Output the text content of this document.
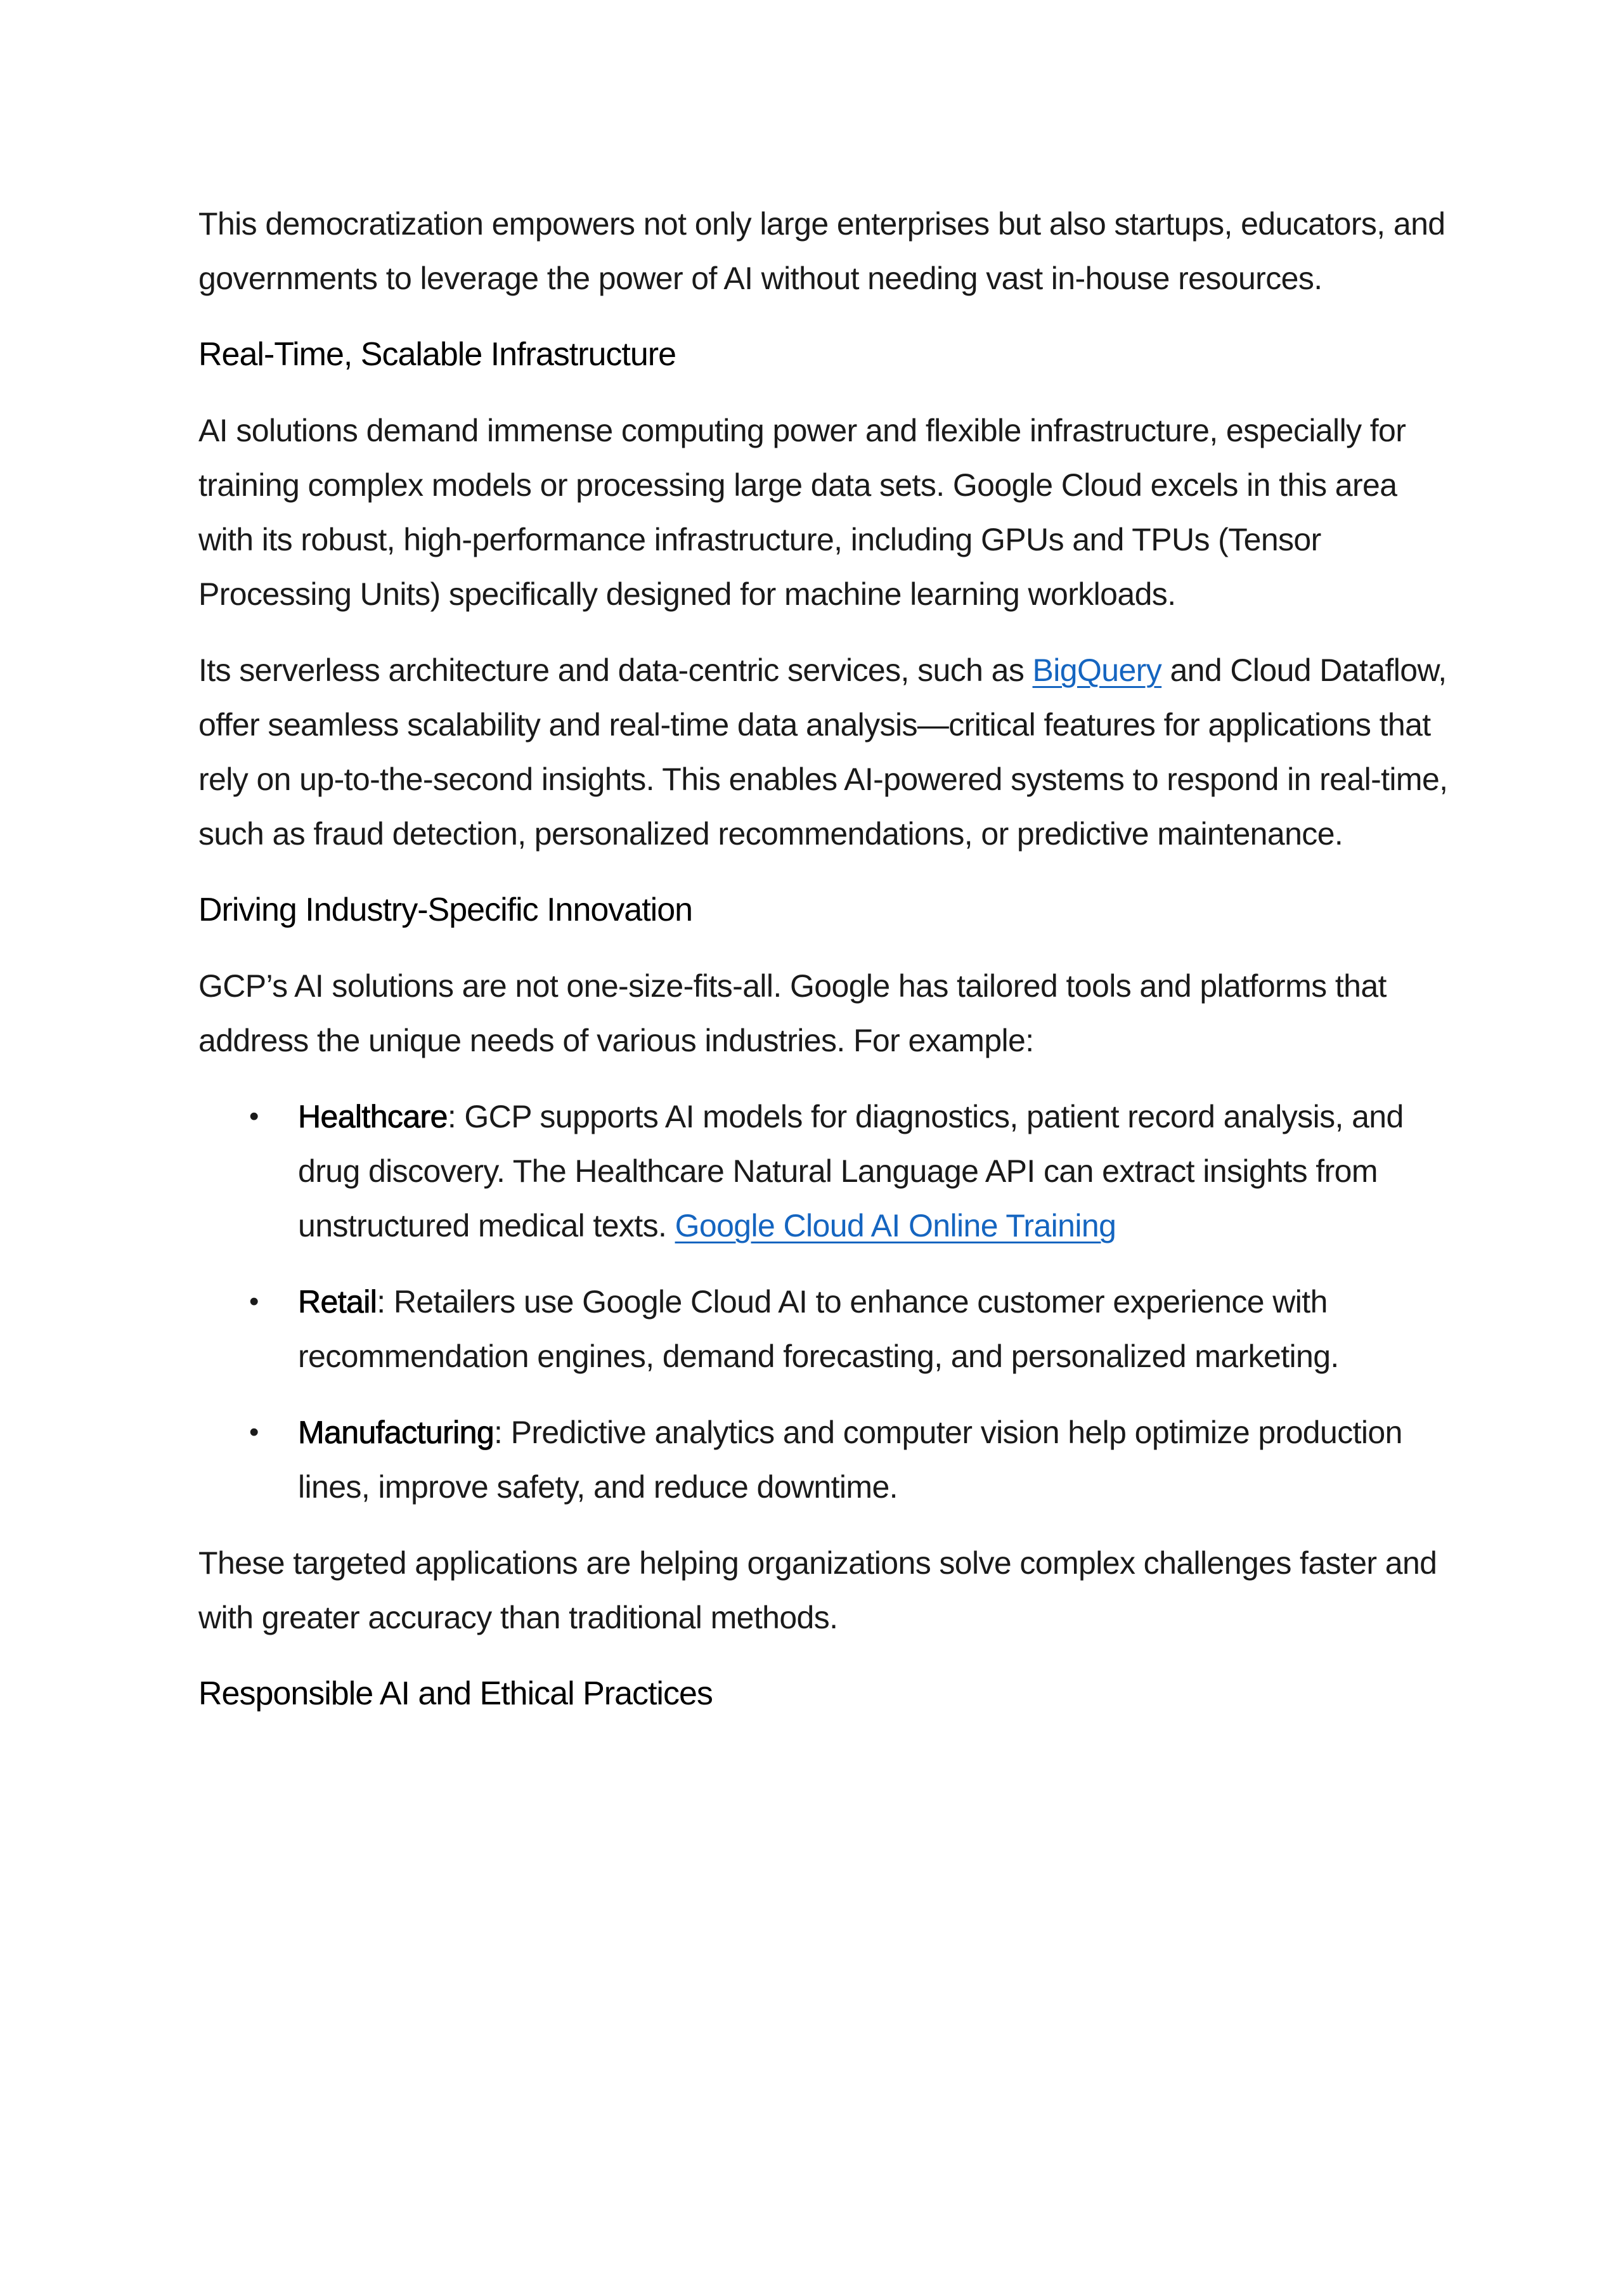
This democratization empowers not only large enterprises but also startups, educators, and governments to leverage the power of AI without needing vast in-house resources.

Real-Time, Scalable Infrastructure

AI solutions demand immense computing power and flexible infrastructure, especially for training complex models or processing large data sets. Google Cloud excels in this area with its robust, high-performance infrastructure, including GPUs and TPUs (Tensor Processing Units) specifically designed for machine learning workloads.

Its serverless architecture and data-centric services, such as BigQuery and Cloud Dataflow, offer seamless scalability and real-time data analysis—critical features for applications that rely on up-to-the-second insights. This enables AI-powered systems to respond in real-time, such as fraud detection, personalized recommendations, or predictive maintenance.

Driving Industry-Specific Innovation

GCP’s AI solutions are not one-size-fits-all. Google has tailored tools and platforms that address the unique needs of various industries. For example:

• Healthcare: GCP supports AI models for diagnostics, patient record analysis, and drug discovery. The Healthcare Natural Language API can extract insights from unstructured medical texts. Google Cloud AI Online Training
• Retail: Retailers use Google Cloud AI to enhance customer experience with recommendation engines, demand forecasting, and personalized marketing.
• Manufacturing: Predictive analytics and computer vision help optimize production lines, improve safety, and reduce downtime.

These targeted applications are helping organizations solve complex challenges faster and with greater accuracy than traditional methods.

Responsible AI and Ethical Practices
